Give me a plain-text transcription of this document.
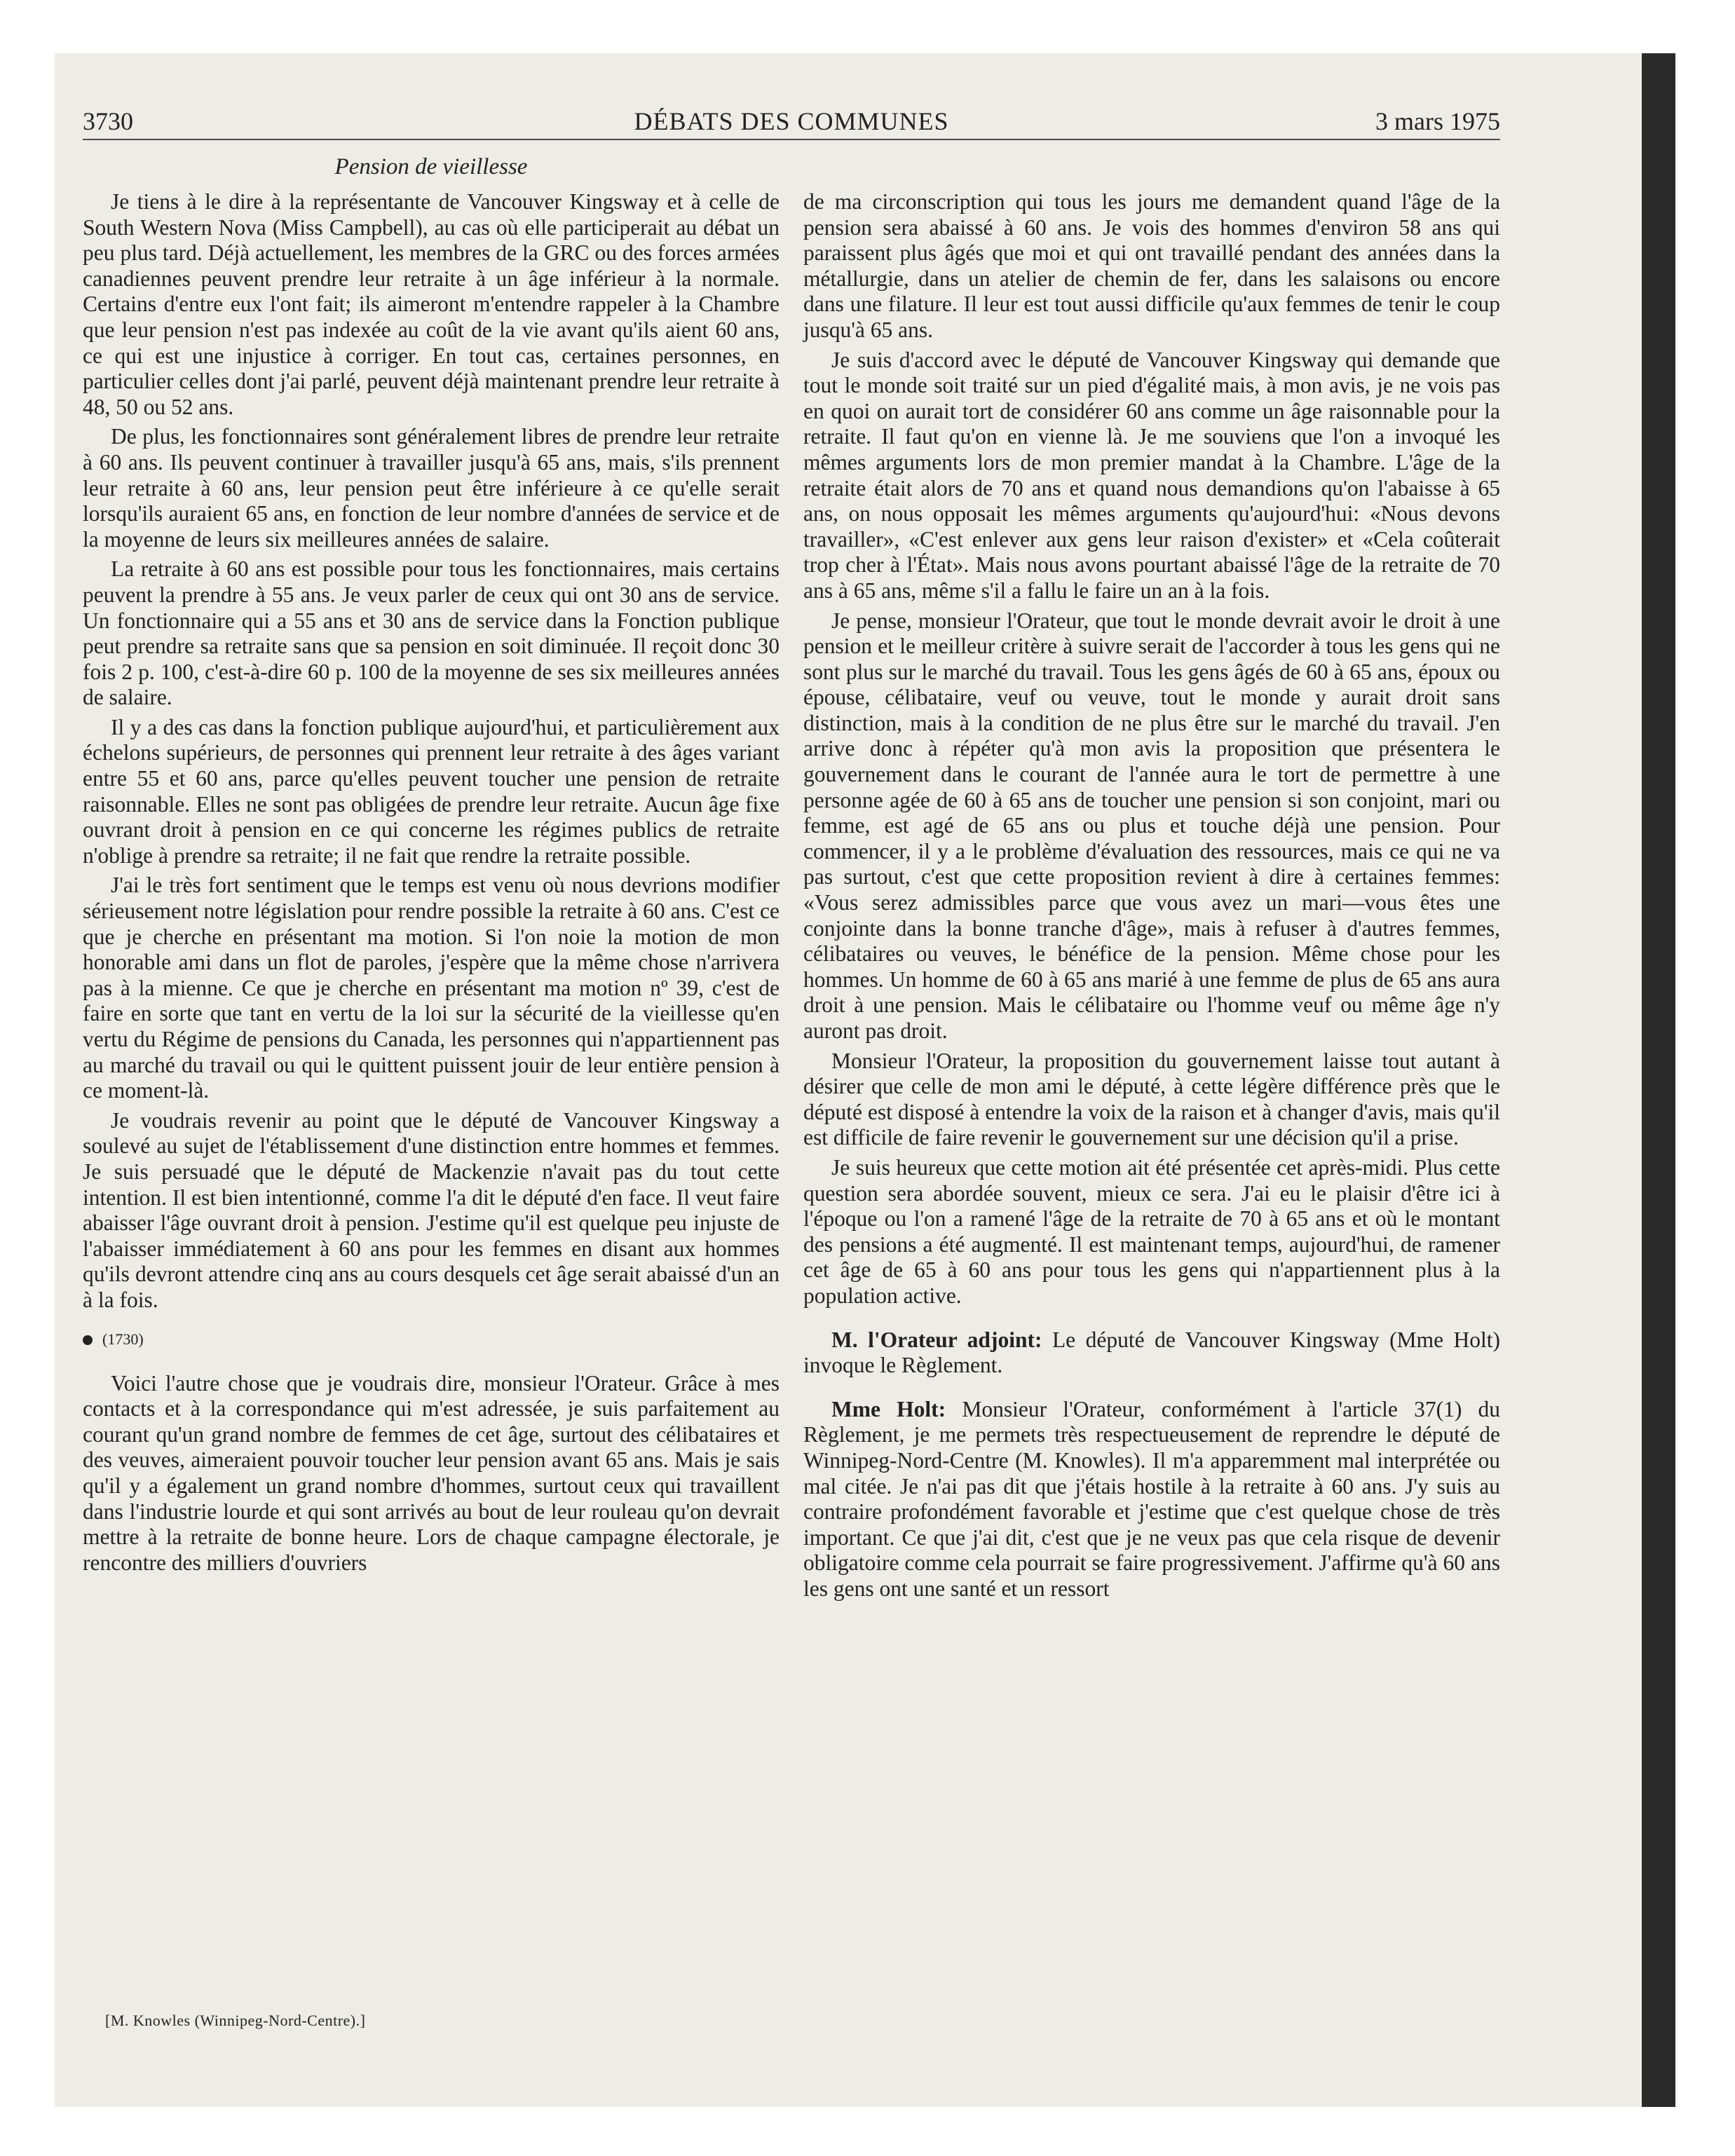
3730	DÉBATS DES COMMUNES	3 mars 1975
Pension de vieillesse

Je tiens à le dire à la représentante de Vancouver Kingsway et à celle de South Western Nova (Miss Campbell), au cas où elle participerait au débat un peu plus tard. Déjà actuellement, les membres de la GRC ou des forces armées canadiennes peuvent prendre leur retraite à un âge inférieur à la normale. Certains d'entre eux l'ont fait; ils aimeront m'entendre rappeler à la Chambre que leur pension n'est pas indexée au coût de la vie avant qu'ils aient 60 ans, ce qui est une injustice à corriger. En tout cas, certaines personnes, en particulier celles dont j'ai parlé, peuvent déjà maintenant prendre leur retraite à 48, 50 ou 52 ans.

De plus, les fonctionnaires sont généralement libres de prendre leur retraite à 60 ans. Ils peuvent continuer à travailler jusqu'à 65 ans, mais, s'ils prennent leur retraite à 60 ans, leur pension peut être inférieure à ce qu'elle serait lorsqu'ils auraient 65 ans, en fonction de leur nombre d'années de service et de la moyenne de leurs six meilleures années de salaire.

La retraite à 60 ans est possible pour tous les fonctionnaires, mais certains peuvent la prendre à 55 ans. Je veux parler de ceux qui ont 30 ans de service. Un fonctionnaire qui a 55 ans et 30 ans de service dans la Fonction publique peut prendre sa retraite sans que sa pension en soit diminuée. Il reçoit donc 30 fois 2 p. 100, c'est-à-dire 60 p. 100 de la moyenne de ses six meilleures années de salaire.

Il y a des cas dans la fonction publique aujourd'hui, et particulièrement aux échelons supérieurs, de personnes qui prennent leur retraite à des âges variant entre 55 et 60 ans, parce qu'elles peuvent toucher une pension de retraite raisonnable. Elles ne sont pas obligées de prendre leur retraite. Aucun âge fixe ouvrant droit à pension en ce qui concerne les régimes publics de retraite n'oblige à prendre sa retraite; il ne fait que rendre la retraite possible.

J'ai le très fort sentiment que le temps est venu où nous devrions modifier sérieusement notre législation pour rendre possible la retraite à 60 ans. C'est ce que je cherche en présentant ma motion. Si l'on noie la motion de mon honorable ami dans un flot de paroles, j'espère que la même chose n'arrivera pas à la mienne. Ce que je cherche en présentant ma motion nº 39, c'est de faire en sorte que tant en vertu de la loi sur la sécurité de la vieillesse qu'en vertu du Régime de pensions du Canada, les personnes qui n'appartiennent pas au marché du travail ou qui le quittent puissent jouir de leur entière pension à ce moment-là.

Je voudrais revenir au point que le député de Vancouver Kingsway a soulevé au sujet de l'établissement d'une distinction entre hommes et femmes. Je suis persuadé que le député de Mackenzie n'avait pas du tout cette intention. Il est bien intentionné, comme l'a dit le député d'en face. Il veut faire abaisser l'âge ouvrant droit à pension. J'estime qu'il est quelque peu injuste de l'abaisser immédiatement à 60 ans pour les femmes en disant aux hommes qu'ils devront attendre cinq ans au cours desquels cet âge serait abaissé d'un an à la fois.

(1730)

Voici l'autre chose que je voudrais dire, monsieur l'Orateur. Grâce à mes contacts et à la correspondance qui m'est adressée, je suis parfaitement au courant qu'un grand nombre de femmes de cet âge, surtout des célibataires et des veuves, aimeraient pouvoir toucher leur pension avant 65 ans. Mais je sais qu'il y a également un grand nombre d'hommes, surtout ceux qui travaillent dans l'industrie lourde et qui sont arrivés au bout de leur rouleau qu'on devrait mettre à la retraite de bonne heure. Lors de chaque campagne électorale, je rencontre des milliers d'ouvriers

[M. Knowles (Winnipeg-Nord-Centre).]

de ma circonscription qui tous les jours me demandent quand l'âge de la pension sera abaissé à 60 ans. Je vois des hommes d'environ 58 ans qui paraissent plus âgés que moi et qui ont travaillé pendant des années dans la métallurgie, dans un atelier de chemin de fer, dans les salaisons ou encore dans une filature. Il leur est tout aussi difficile qu'aux femmes de tenir le coup jusqu'à 65 ans.

Je suis d'accord avec le député de Vancouver Kingsway qui demande que tout le monde soit traité sur un pied d'égalité mais, à mon avis, je ne vois pas en quoi on aurait tort de considérer 60 ans comme un âge raisonnable pour la retraite. Il faut qu'on en vienne là. Je me souviens que l'on a invoqué les mêmes arguments lors de mon premier mandat à la Chambre. L'âge de la retraite était alors de 70 ans et quand nous demandions qu'on l'abaisse à 65 ans, on nous opposait les mêmes arguments qu'aujourd'hui: «Nous devons travailler», «C'est enlever aux gens leur raison d'exister» et «Cela coûterait trop cher à l'État». Mais nous avons pourtant abaissé l'âge de la retraite de 70 ans à 65 ans, même s'il a fallu le faire un an à la fois.

Je pense, monsieur l'Orateur, que tout le monde devrait avoir le droit à une pension et le meilleur critère à suivre serait de l'accorder à tous les gens qui ne sont plus sur le marché du travail. Tous les gens âgés de 60 à 65 ans, époux ou épouse, célibataire, veuf ou veuve, tout le monde y aurait droit sans distinction, mais à la condition de ne plus être sur le marché du travail. J'en arrive donc à répéter qu'à mon avis la proposition que présentera le gouvernement dans le courant de l'année aura le tort de permettre à une personne agée de 60 à 65 ans de toucher une pension si son conjoint, mari ou femme, est agé de 65 ans ou plus et touche déjà une pension. Pour commencer, il y a le problème d'évaluation des ressources, mais ce qui ne va pas surtout, c'est que cette proposition revient à dire à certaines femmes: «Vous serez admissibles parce que vous avez un mari—vous êtes une conjointe dans la bonne tranche d'âge», mais à refuser à d'autres femmes, célibataires ou veuves, le bénéfice de la pension. Même chose pour les hommes. Un homme de 60 à 65 ans marié à une femme de plus de 65 ans aura droit à une pension. Mais le célibataire ou l'homme veuf ou même âge n'y auront pas droit.

Monsieur l'Orateur, la proposition du gouvernement laisse tout autant à désirer que celle de mon ami le député, à cette légère différence près que le député est disposé à entendre la voix de la raison et à changer d'avis, mais qu'il est difficile de faire revenir le gouvernement sur une décision qu'il a prise.

Je suis heureux que cette motion ait été présentée cet après-midi. Plus cette question sera abordée souvent, mieux ce sera. J'ai eu le plaisir d'être ici à l'époque ou l'on a ramené l'âge de la retraite de 70 à 65 ans et où le montant des pensions a été augmenté. Il est maintenant temps, aujourd'hui, de ramener cet âge de 65 à 60 ans pour tous les gens qui n'appartiennent plus à la population active.

M. l'Orateur adjoint: Le député de Vancouver Kingsway (Mme Holt) invoque le Règlement.

Mme Holt: Monsieur l'Orateur, conformément à l'article 37(1) du Règlement, je me permets très respectueusement de reprendre le député de Winnipeg-Nord-Centre (M. Knowles). Il m'a apparemment mal interprétée ou mal citée. Je n'ai pas dit que j'étais hostile à la retraite à 60 ans. J'y suis au contraire profondément favorable et j'estime que c'est quelque chose de très important. Ce que j'ai dit, c'est que je ne veux pas que cela risque de devenir obligatoire comme cela pourrait se faire progressivement. J'affirme qu'à 60 ans les gens ont une santé et un ressort
